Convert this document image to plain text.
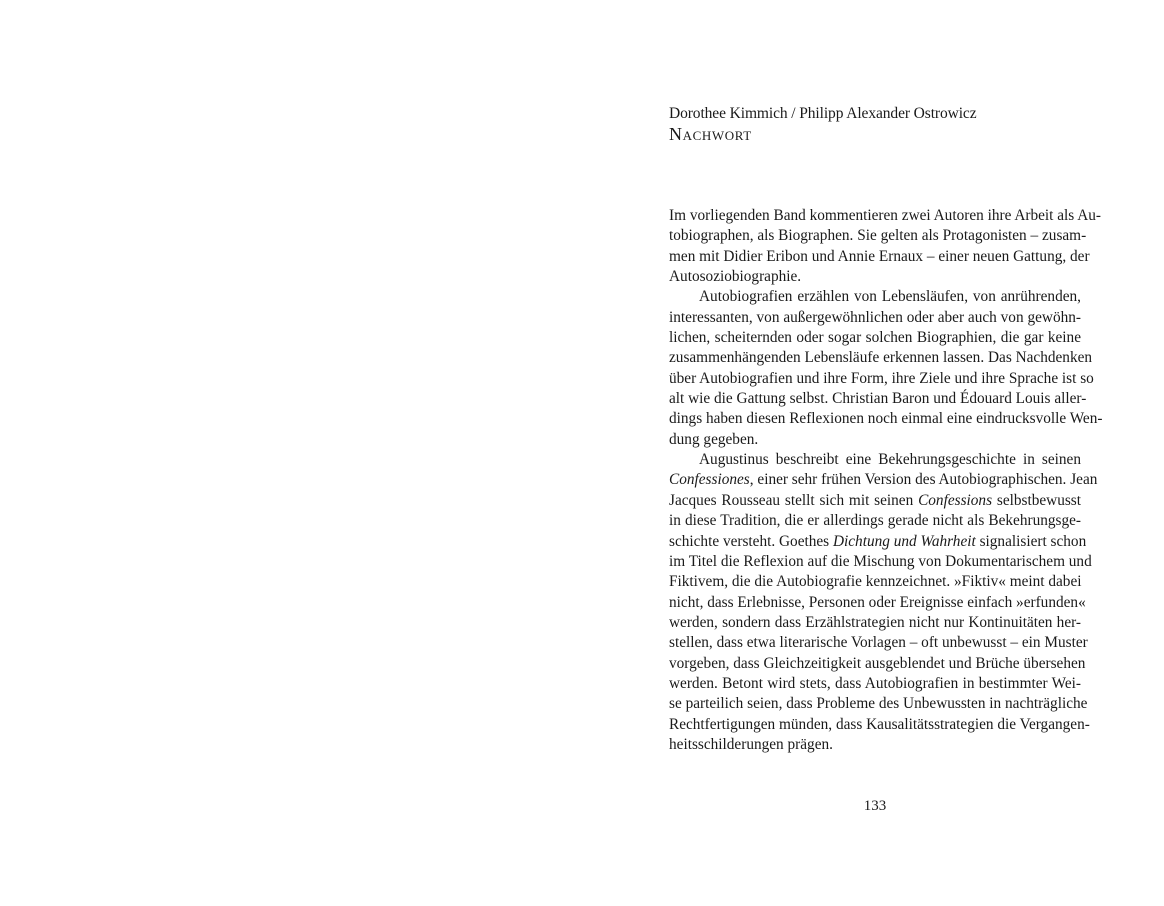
Dorothee Kimmich / Philipp Alexander Ostrowicz
Nachwort
Im vorliegenden Band kommentieren zwei Autoren ihre Arbeit als Au-
tobiographen, als Biographen. Sie gelten als Protagonisten – zusam-
men mit Didier Eribon und Annie Ernaux – einer neuen Gattung, der
Autosoziobiographie.
Autobiografien erzählen von Lebensläufen, von anrührenden,
interessanten, von außergewöhnlichen oder aber auch von gewöhn-
lichen, scheiternden oder sogar solchen Biographien, die gar keine
zusammenhängenden Lebensläufe erkennen lassen. Das Nachdenken
über Autobiografien und ihre Form, ihre Ziele und ihre Sprache ist so
alt wie die Gattung selbst. Christian Baron und Édouard Louis aller-
dings haben diesen Reflexionen noch einmal eine eindrucksvolle Wen-
dung gegeben.
Augustinus beschreibt eine Bekehrungsgeschichte in seinen
Confessiones, einer sehr frühen Version des Autobiographischen. Jean
Jacques Rousseau stellt sich mit seinen Confessions selbstbewusst
in diese Tradition, die er allerdings gerade nicht als Bekehrungsge-
schichte versteht. Goethes Dichtung und Wahrheit signalisiert schon
im Titel die Reflexion auf die Mischung von Dokumentarischem und
Fiktivem, die die Autobiografie kennzeichnet. »Fiktiv« meint dabei
nicht, dass Erlebnisse, Personen oder Ereignisse einfach »erfunden«
werden, sondern dass Erzählstrategien nicht nur Kontinuitäten her-
stellen, dass etwa literarische Vorlagen – oft unbewusst – ein Muster
vorgeben, dass Gleichzeitigkeit ausgeblendet und Brüche übersehen
werden. Betont wird stets, dass Autobiografien in bestimmter Wei-
se parteilich seien, dass Probleme des Unbewussten in nachträgliche
Rechtfertigungen münden, dass Kausalitätsstrategien die Vergangen-
heitsschilderungen prägen.
133
